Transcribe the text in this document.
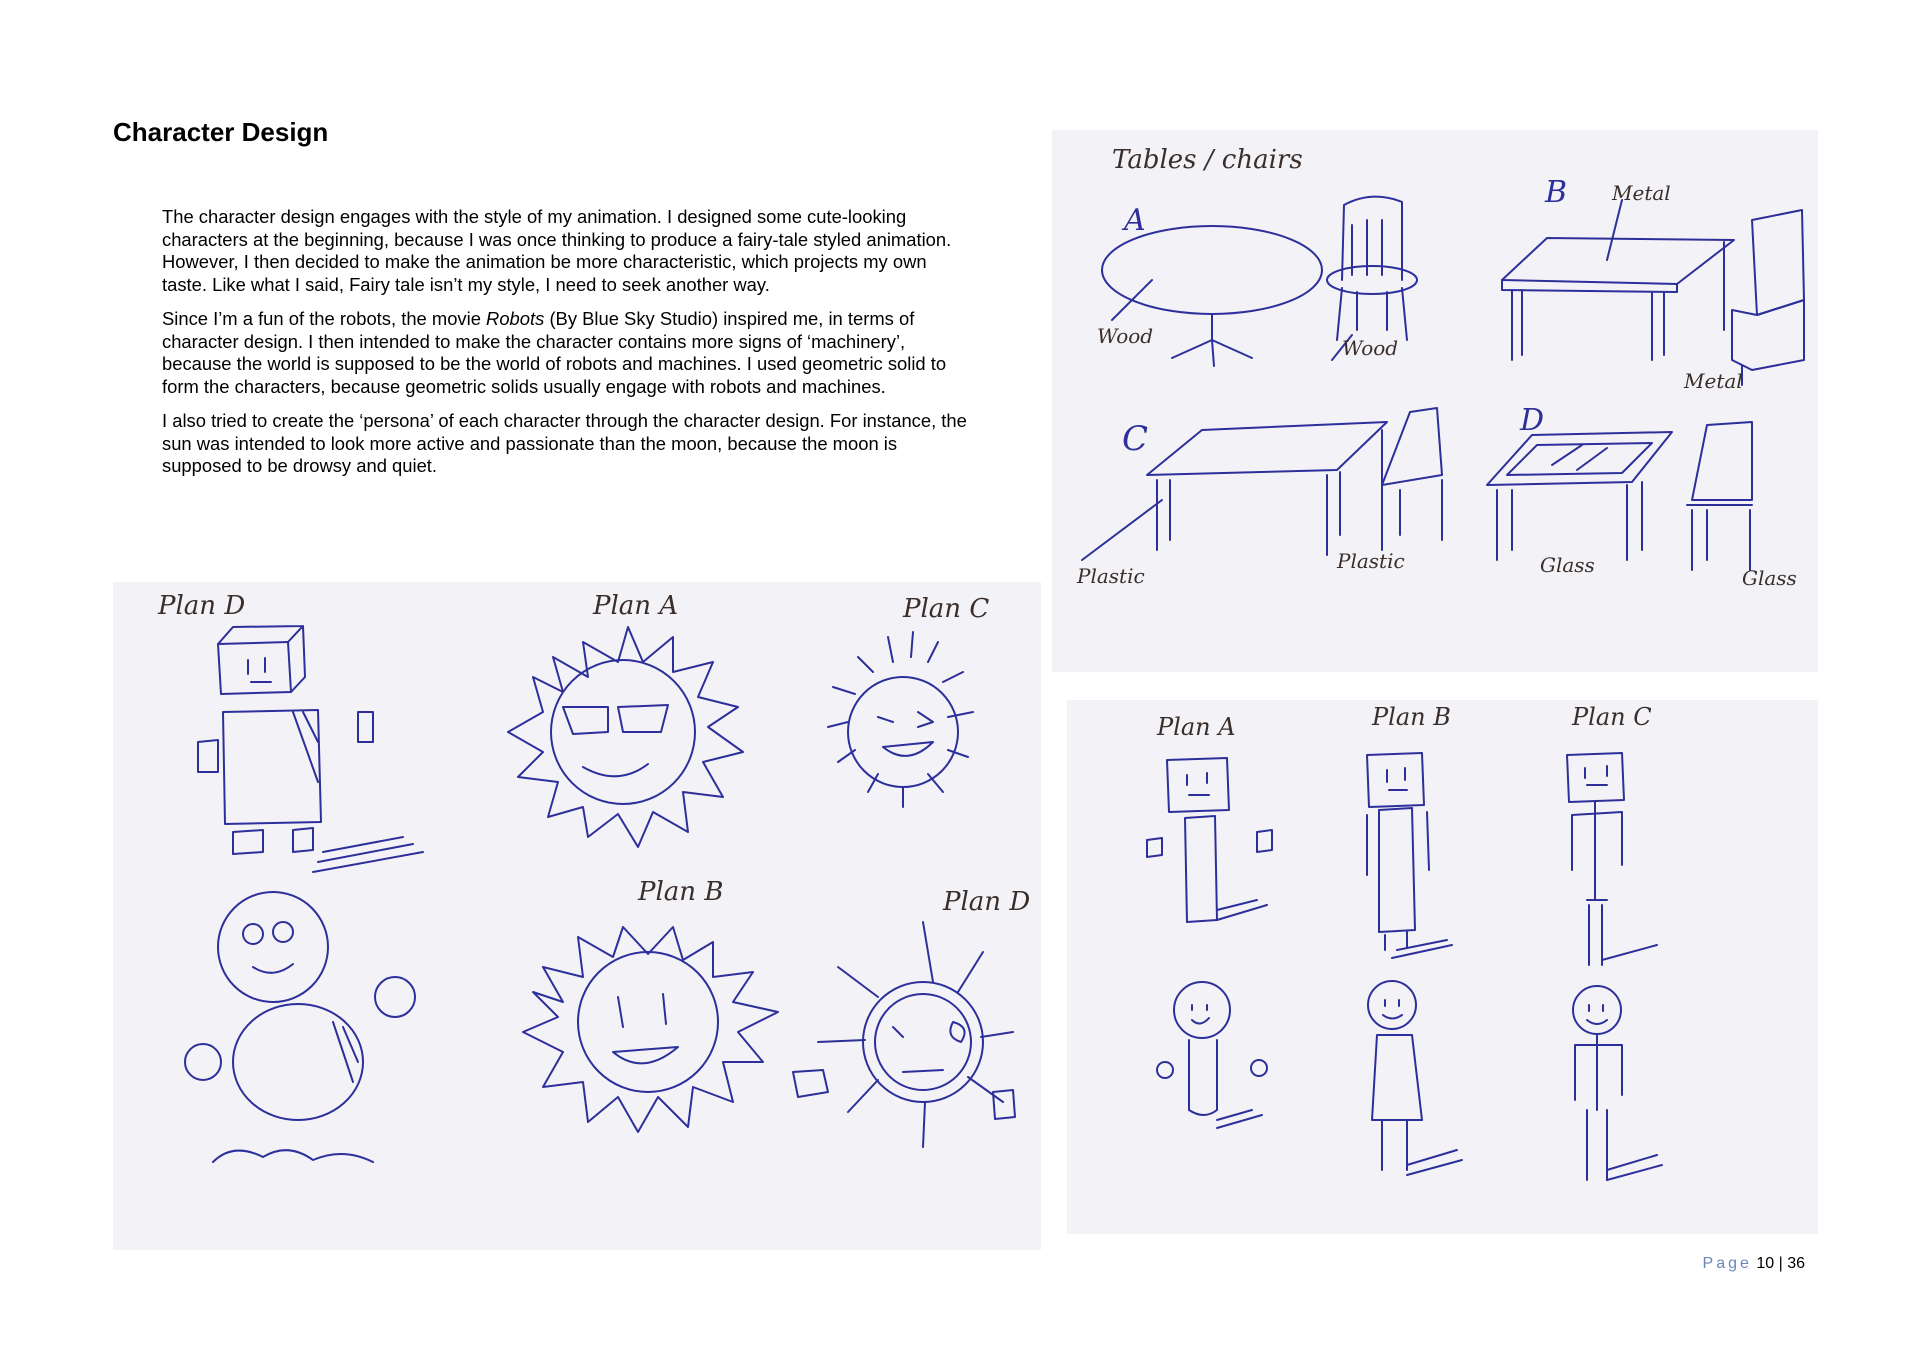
Character Design

The character design engages with the style of my animation. I designed some cute-looking characters at the beginning, because I was once thinking to produce a fairy-tale styled animation. However, I then decided to make the animation be more characteristic, which projects my own taste. Like what I said, Fairy tale isn’t my style, I need to seek another way.

Since I’m a fun of the robots, the movie Robots (By Blue Sky Studio) inspired me, in terms of character design. I then intended to make the character contains more signs of ‘machinery’, because the world is supposed to be the world of robots and machines. I used geometric solid to form the characters, because geometric solids usually engage with robots and machines.

I also tried to create the ‘persona’ of each character through the character design. For instance, the sun was intended to look more active and passionate than the moon, because the moon is supposed to be drowsy and quiet.

Tables / chairs
A
B
C	D
Wood	Wood
Metal
Metal
Plastic
Plastic	Glass
Glass
Plan D	Plan A	Plan C
Plan B	Plan D
Plan A	Plan B	Plan C
Page 10 | 36
